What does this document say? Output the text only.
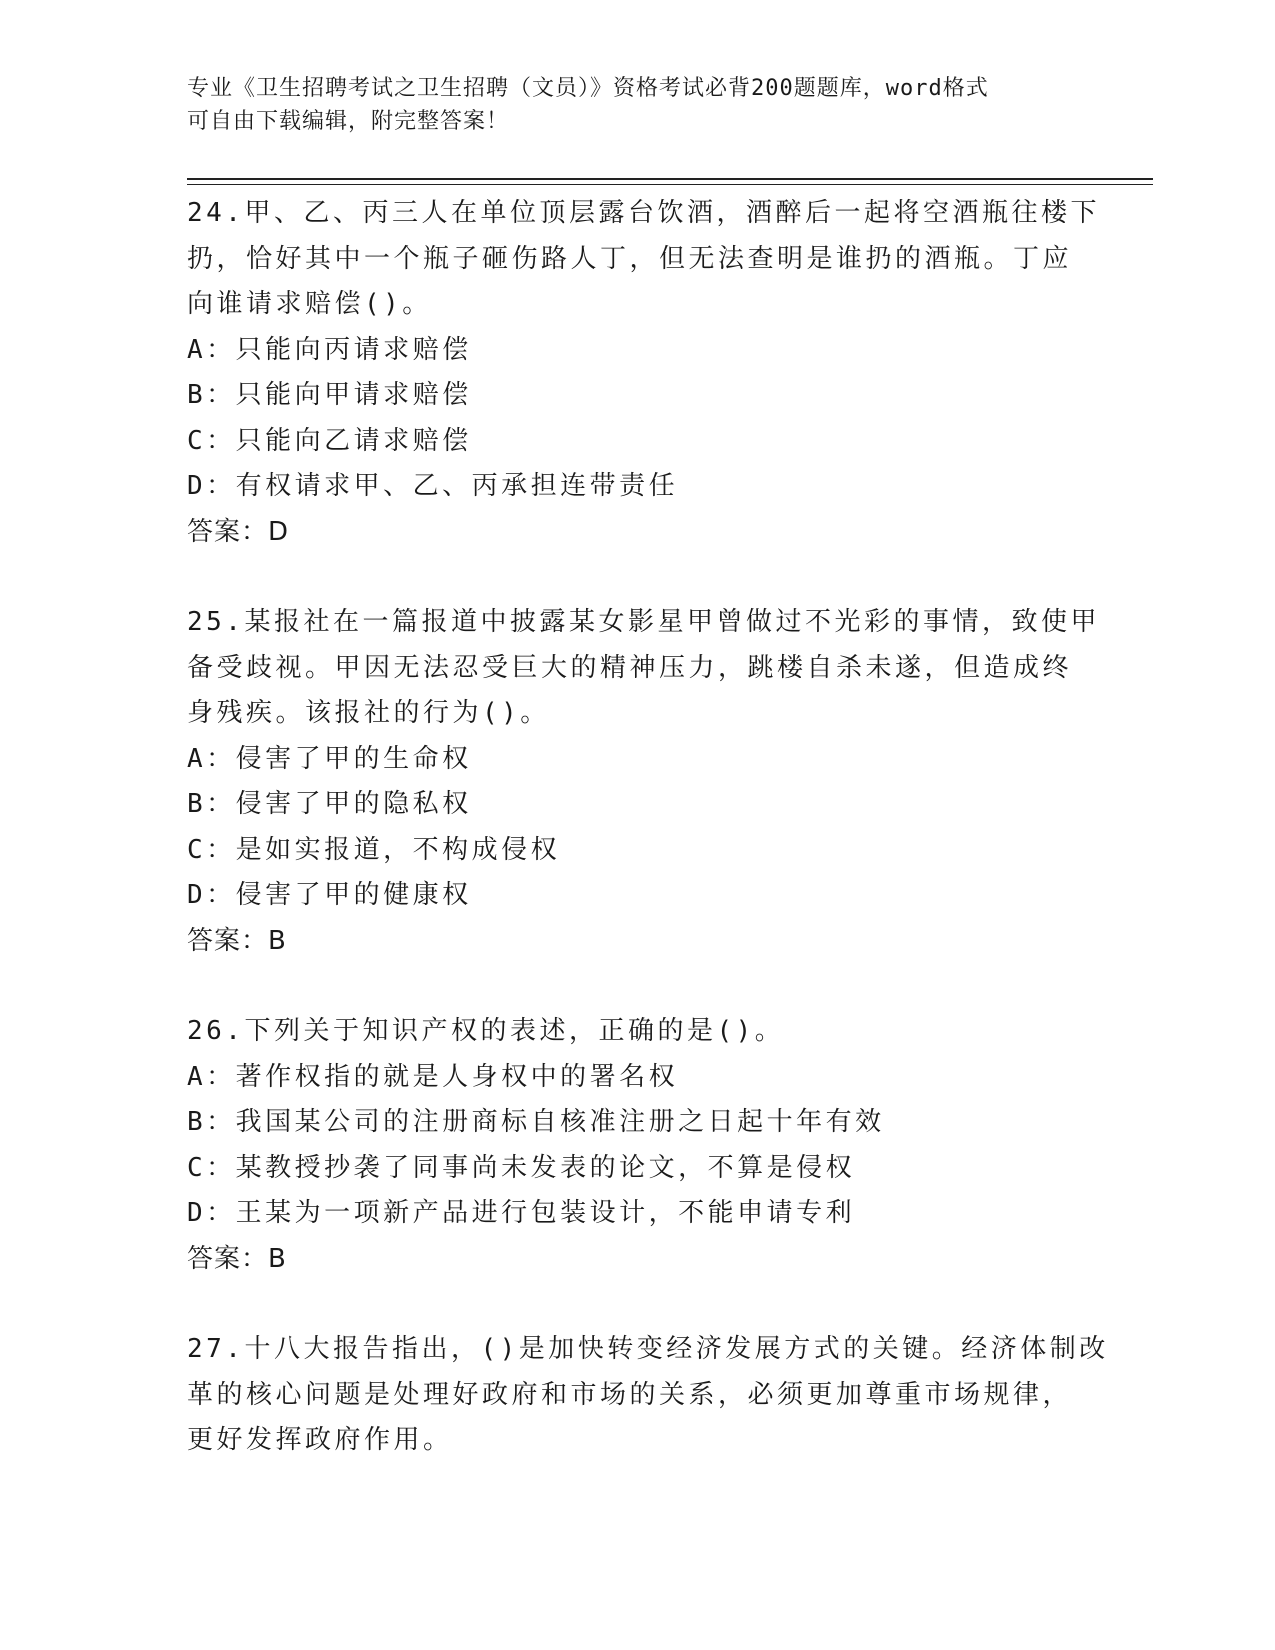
专业《卫生招聘考试之卫生招聘（文员）》资格考试必背200题题库，word格式
可自由下载编辑，附完整答案！

24.甲、乙、丙三人在单位顶层露台饮酒，酒醉后一起将空酒瓶往楼下

扔，恰好其中一个瓶子砸伤路人丁，但无法查明是谁扔的酒瓶。丁应

向谁请求赔偿()。

A：只能向丙请求赔偿

B：只能向甲请求赔偿

C：只能向乙请求赔偿

D：有权请求甲、乙、丙承担连带责任

答案：D

25.某报社在一篇报道中披露某女影星甲曾做过不光彩的事情，致使甲

备受歧视。甲因无法忍受巨大的精神压力，跳楼自杀未遂，但造成终

身残疾。该报社的行为()。

A：侵害了甲的生命权

B：侵害了甲的隐私权

C：是如实报道，不构成侵权

D：侵害了甲的健康权

答案：B

26.下列关于知识产权的表述，正确的是()。

A：著作权指的就是人身权中的署名权

B：我国某公司的注册商标自核准注册之日起十年有效

C：某教授抄袭了同事尚未发表的论文，不算是侵权

D：王某为一项新产品进行包装设计，不能申请专利

答案：B

27.十八大报告指出，()是加快转变经济发展方式的关键。经济体制改

革的核心问题是处理好政府和市场的关系，必须更加尊重市场规律，

更好发挥政府作用。
